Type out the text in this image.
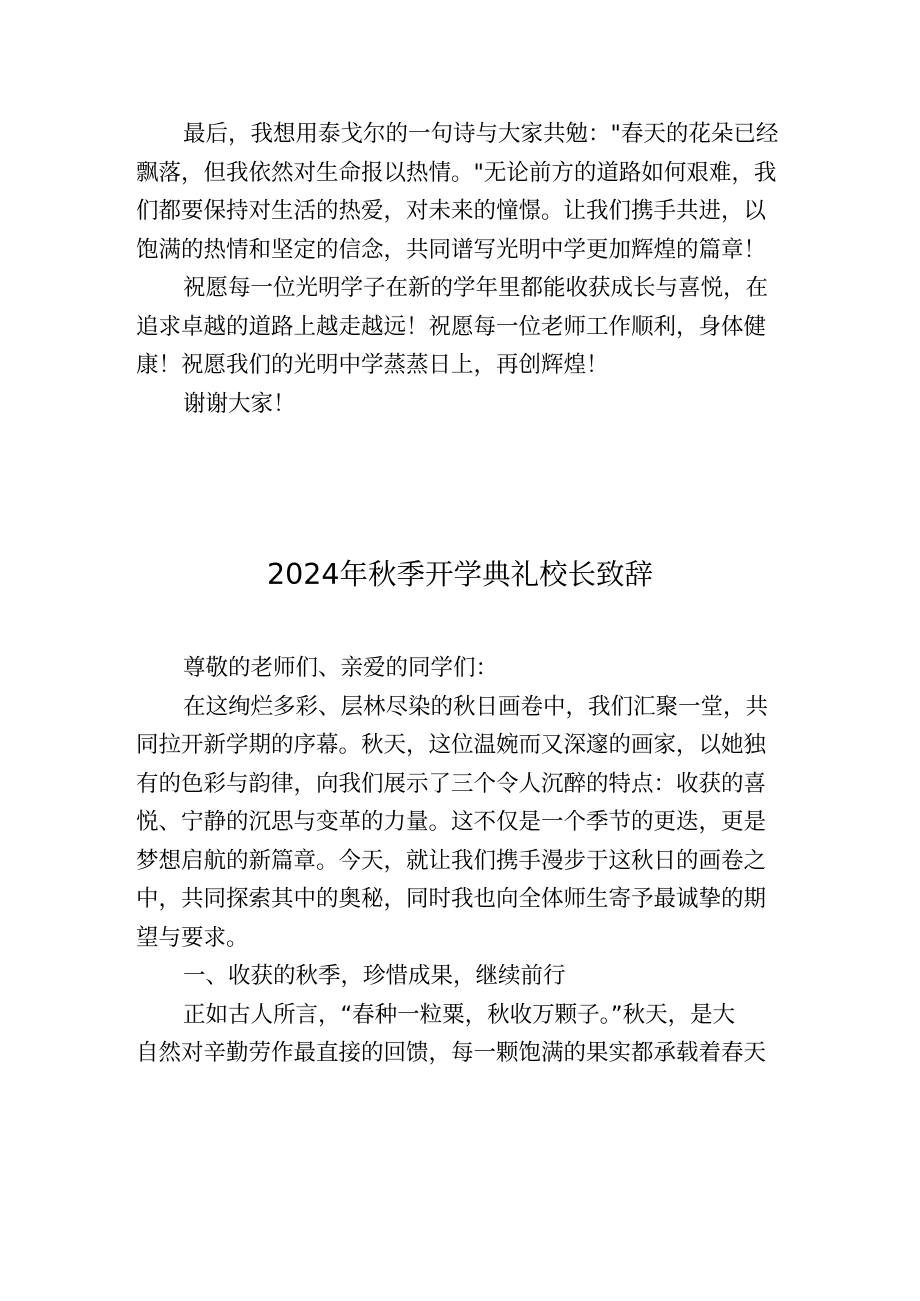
最后，我想用泰戈尔的一句诗与大家共勉："春天的花朵已经
飘落，但我依然对生命报以热情。"无论前方的道路如何艰难，我
们都要保持对生活的热爱，对未来的憧憬。让我们携手共进，以
饱满的热情和坚定的信念，共同谱写光明中学更加辉煌的篇章！
祝愿每一位光明学子在新的学年里都能收获成长与喜悦，在
追求卓越的道路上越走越远！祝愿每一位老师工作顺利，身体健
康！祝愿我们的光明中学蒸蒸日上，再创辉煌！
谢谢大家！
2024年秋季开学典礼校长致辞
尊敬的老师们、亲爱的同学们：
在这绚烂多彩、层林尽染的秋日画卷中，我们汇聚一堂，共
同拉开新学期的序幕。秋天，这位温婉而又深邃的画家，以她独
有的色彩与韵律，向我们展示了三个令人沉醉的特点：收获的喜
悦、宁静的沉思与变革的力量。这不仅是一个季节的更迭，更是
梦想启航的新篇章。今天，就让我们携手漫步于这秋日的画卷之
中，共同探索其中的奥秘，同时我也向全体师生寄予最诚挚的期
望与要求。
一、收获的秋季，珍惜成果，继续前行
正如古人所言，“春种一粒粟，秋收万颗子。”秋天，是大
自然对辛勤劳作最直接的回馈，每一颗饱满的果实都承载着春天
